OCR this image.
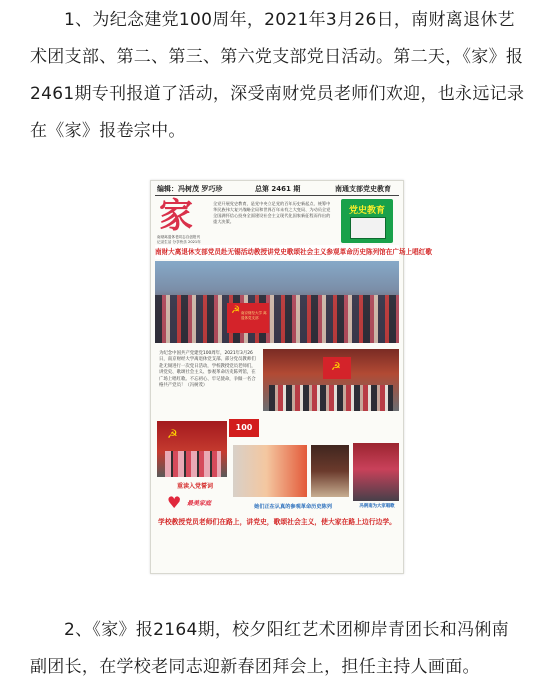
1、为纪念建党100周年，2021年3月26日，南财离退休艺术团支部、第二、第三、第六党支部党日活动。第二天，《家》报2461期专刊报道了活动，深受南财党员老师们欢迎，也永远记录在《家》报卷宗中。
编辑：冯树茂 罗巧珍	总第 2461 期	南通支部党史教育
家
南财离退休老同志自创报刊 记录生活 分享快乐 2021年
全党开展党史教育，是党中央立足党的百年历史新起点、统筹中华民族伟大复兴战略全局和世界百年未有之大变局、为动员全党全国满怀信心投身全面建设社会主义现代化国家新征程而作出的重大决策。
党史教育
南财大离退休支部党员赴无锡活动教授讲党史歌颂社会主义参观革命历史陈列馆在广场上唱红歌
☭ 南京财经大学 离退休党支部
为纪念中国共产党建党100周年，2021年3月26日，南京财经大学离退休党支部、部分党员教师们赴无锡进行一次党日活动，学校教授党员老师们，讲党史、歌颂社会主义、参观革命历史陈列馆，在广场上唱红歌。不忘初心、牢记使命，争做一名合格共产党员！（冯树茂）
☭
☭	100
重读入党誓词
♥ 最美家庭	她们正在认真的参观革命历史陈列	冯俐南为大家唱歌
学校教授党员老师们在路上，讲党史，歌颂社会主义，使大家在路上边行边学。
2、《家》报2164期，校夕阳红艺术团柳岸青团长和冯俐南副团长，在学校老同志迎新春团拜会上，担任主持人画面。
